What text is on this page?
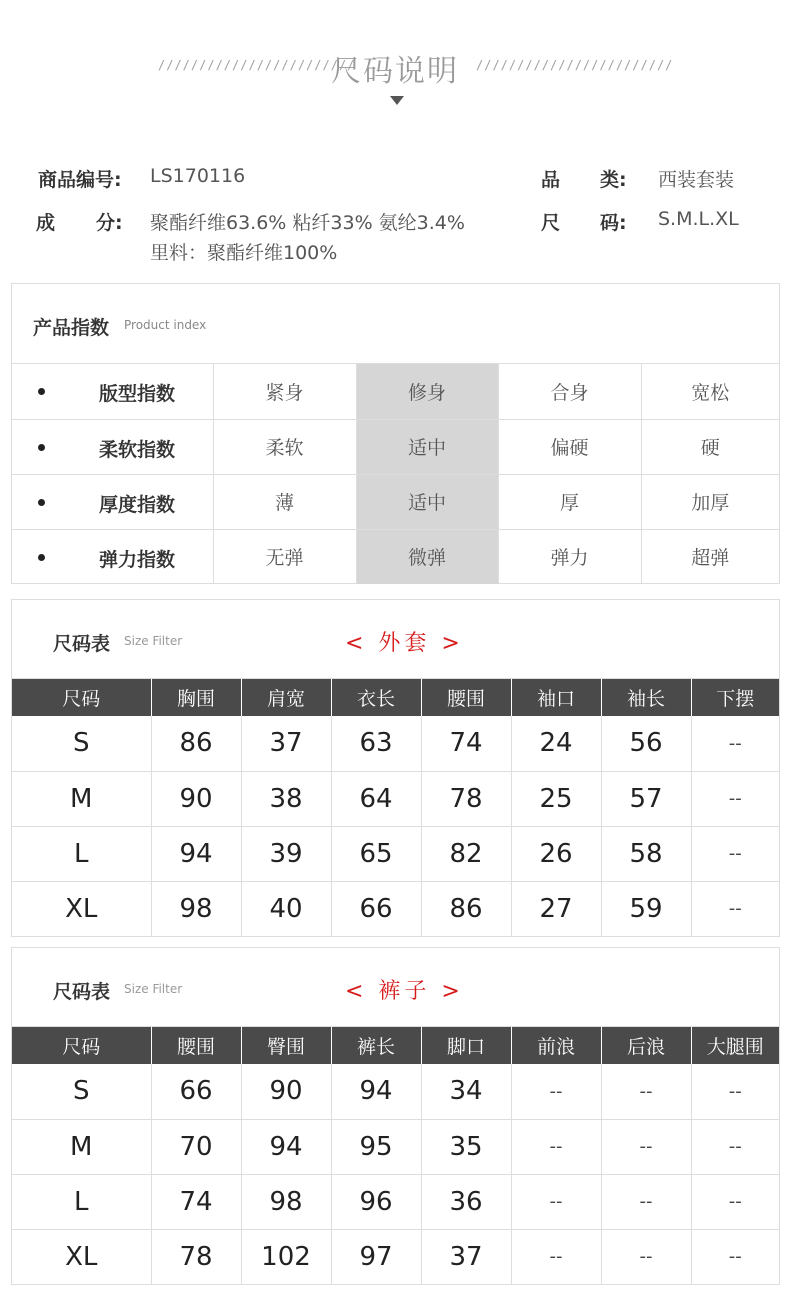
////////////////////////
尺码说明	////////////////////////
商品编号: LS170116	品 类: 西装套装
成 分: 聚酯纤维63.6% 粘纤33% 氨纶3.4%
里料：聚酯纤维100%
尺 码: S.M.L.XL
产品指数 Product index
版型指数	紧身	修身	合身	宽松

柔软指数	柔软	适中	偏硬	硬

厚度指数	薄	适中	厚	加厚

弹力指数	无弹	微弹	弹力	超弹
尺码表 Size Filter	< 外套 >
尺码	胸围	肩宽	衣长	腰围	袖口	袖长	下摆
S	86	37	63	74	24	56	--
M	90	38	64	78	25	57	--
L	94	39	65	82	26	58	--
XL	98	40	66	86	27	59	--
尺码表 Size Filter	< 裤子 >
尺码	腰围	臀围	裤长	脚口	前浪	后浪	大腿围
S	66	90	94	34	--	--	--
M	70	94	95	35	--	--	--
L	74	98	96	36	--	--	--
XL	78	102	97	37	--	--	--
